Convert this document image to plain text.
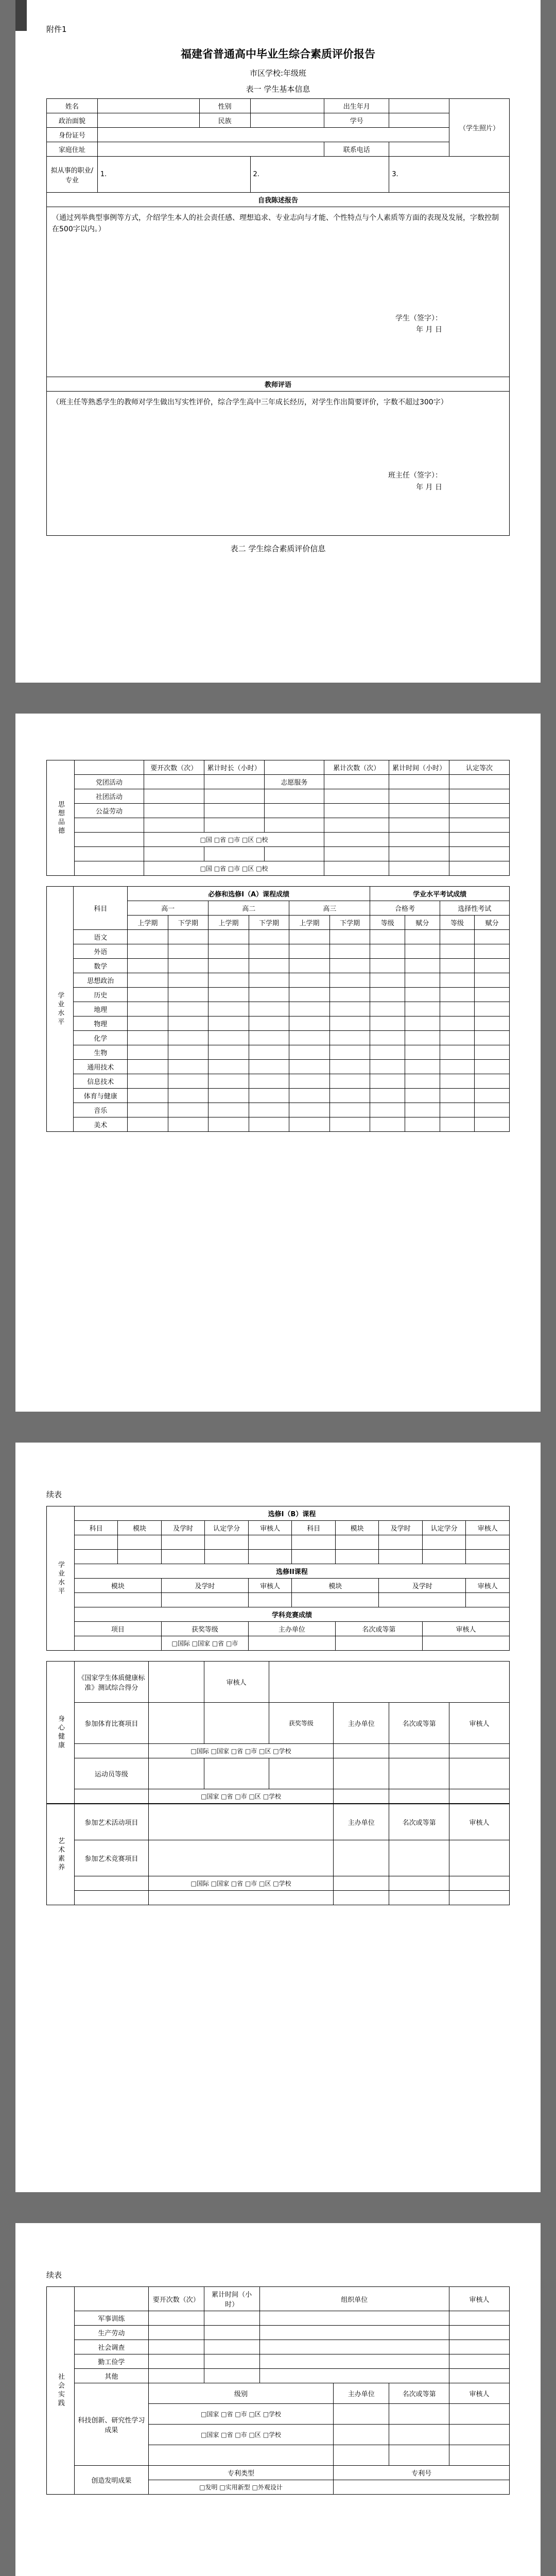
附件1
福建省普通高中毕业生综合素质评价报告
市区学校:年级班
表一 学生基本信息
姓名		性别		出生年月		（学生照片）
政治面貌		民族		学号		
身份证号						
家庭住址				联系电话		
拟从事的职业/专业	1.		2.		3.	
自我陈述报告						

（通过列举典型事例等方式，介绍学生本人的社会责任感、理想追求、专业志向与才能、个性特点与个人素质等方面的表现及发展，字数控制在500字以内。）
学生（签字）：
年 月 日						

教师评语						

（班主任等熟悉学生的教师对学生做出写实性评价，综合学生高中三年成长经历，对学生作出简要评价，字数不超过300字）
班主任（签字）：
年 月 日						
表二 学生综合素质评价信息
思想品德		要开次数（次）	累计时长（小时）		累计次数（次）	累计时间（小时）	认定等次
	党团活动			志愿服务			
	社团活动						
	公益劳动						

		□国 □省 □市 □区 □校					

		□国 □省 □市 □区 □校					
学业水平	科目	必修和选修I（A）课程成绩						学业水平考试成绩			
		高一		高二		高三		合格考		选择性考试	
		上学期	下学期	上学期	下学期	上学期	下学期	等级	赋分	等级	赋分
	语文										
	外语										
	数学										
	思想政治										
	历史										
	地理										
	物理										
	化学										
	生物										
	通用技术										
	信息技术										
	体育与健康										
	音乐										
	美术										
续表
学业水平	选修I（B）课程									
	科目	模块	及学时	认定学分	审核人	科目	模块	及学时	认定学分	审核人

	选修II课程									
	模块		及学时		审核人	模块		及学时		审核人

	学科竞赛成绩									
	项目		获奖等级		主办单位		名次或等第		审核人	
			□国际 □国家 □省 □市							
身心健康	《国家学生体质健康标准》测试综合得分		审核人				
	参加体育比赛项目			获奖等级	主办单位	名次或等第	审核人
		□国际 □国家 □省 □市 □区 □学校					
	运动员等级						
		□国家 □省 □市 □区 □学校					
艺术素养	参加艺术活动项目		主办单位	名次或等第	审核人
	参加艺术竞赛项目				
		□国际 □国家 □省 □市 □区 □学校			

续表
社会实践		要开次数（次）	累计时间（小时）	组织单位			审核人
	军事训练						
	生产劳动						
	社会调查						
	勤工俭学						
	其他						
	科技创新、研究性学习成果	级别			主办单位	名次或等第	审核人
		□国家 □省 □市 □区 □学校					
		□国家 □省 □市 □区 □学校					

	创造发明成果	专利类型			专利号		
		□发明 □实用新型 □外观设计					
